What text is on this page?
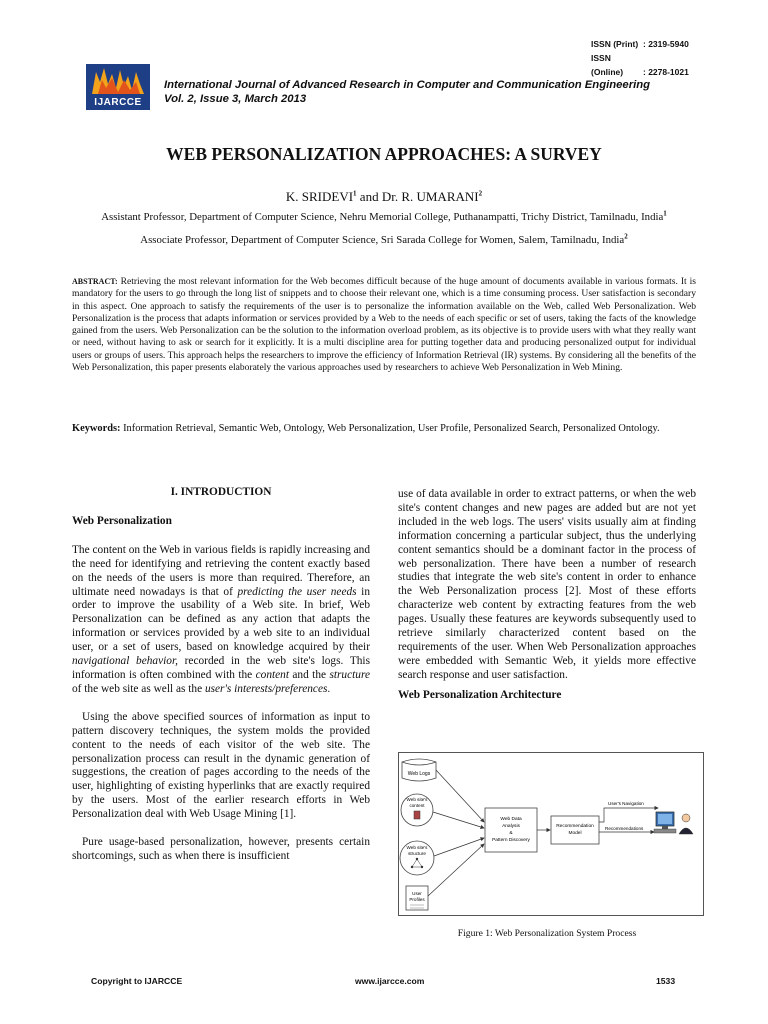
ISSN (Print) : 2319-5940
ISSN (Online) : 2278-1021
IJARCCE
International Journal of Advanced Research in Computer and Communication Engineering
Vol. 2, Issue 3, March 2013
WEB PERSONALIZATION APPROACHES: A SURVEY
K. SRIDEVI$^1$ and Dr. R. UMARANI$^2$
Assistant Professor, Department of Computer Science, Nehru Memorial College, Puthanampatti, Trichy District, Tamilnadu, India$^1$
Associate Professor, Department of Computer Science, Sri Sarada College for Women, Salem, Tamilnadu, India$^2$
ABSTRACT: Retrieving the most relevant information for the Web becomes difficult because of the huge amount of documents available in various formats. It is mandatory for the users to go through the long list of snippets and to choose their relevant one, which is a time consuming process. User satisfaction is secondary in this aspect. One approach to satisfy the requirements of the user is to personalize the information available on the Web, called Web Personalization. Web Personalization is the process that adapts information or services provided by a Web to the needs of each specific or set of users, taking the facts of the knowledge gained from the users. Web Personalization can be the solution to the information overload problem, as its objective is to provide users with what they really want or need, without having to ask or search for it explicitly. It is a multi discipline area for putting together data and producing personalized output for individual users or groups of users. This approach helps the researchers to improve the efficiency of Information Retrieval (IR) systems. By considering all the benefits of the Web Personalization, this paper presents elaborately the various approaches used by researchers to achieve Web Personalization in Web Mining.
Keywords: Information Retrieval, Semantic Web, Ontology, Web Personalization, User Profile, Personalized Search, Personalized Ontology.
I. INTRODUCTION
Web Personalization

The content on the Web in various fields is rapidly increasing and the need for identifying and retrieving the content exactly based on the needs of the users is more than required. Therefore, an ultimate need nowadays is that of predicting the user needs in order to improve the usability of a Web site. In brief, Web Personalization can be defined as any action that adapts the information or services provided by a web site to an individual user, or a set of users, based on knowledge acquired by their navigational behavior, recorded in the web site's logs. This information is often combined with the content and the structure of the web site as well as the user's interests/preferences.

Using the above specified sources of information as input to pattern discovery techniques, the system molds the provided content to the needs of each visitor of the web site. The personalization process can result in the dynamic generation of suggestions, the creation of pages according to the needs of the user, highlighting of existing hyperlinks that are exactly required by the users. Most of the earlier research efforts in Web Personalization deal with Web Usage Mining [1].

Pure usage-based personalization, however, presents certain shortcomings, such as when there is insufficient

use of data available in order to extract patterns, or when the web site's content changes and new pages are added but are not yet included in the web logs. The users' visits usually aim at finding information concerning a particular subject, thus the underlying content semantics should be a dominant factor in the process of web personalization. There have been a number of research studies that integrate the web site's content in order to enhance the Web Personalization process [2]. Most of these efforts characterize web content by extracting features from the web pages. Usually these features are keywords subsequently used to retrieve similarly characterized content based on the requirements of the user. When Web Personalization approaches were embedded with Semantic Web, it yields more effective search response and user satisfaction.

Web Personalization Architecture
Web Logs
Web site's
content
Web site's
structure
User
Profiles
Web Data
Analysis
&
Pattern Discovery
Recommendation
Model
User's Navigation
Recommendations
Figure 1: Web Personalization System Process
Copyright to IJARCCE	www.ijarcce.com	1533
